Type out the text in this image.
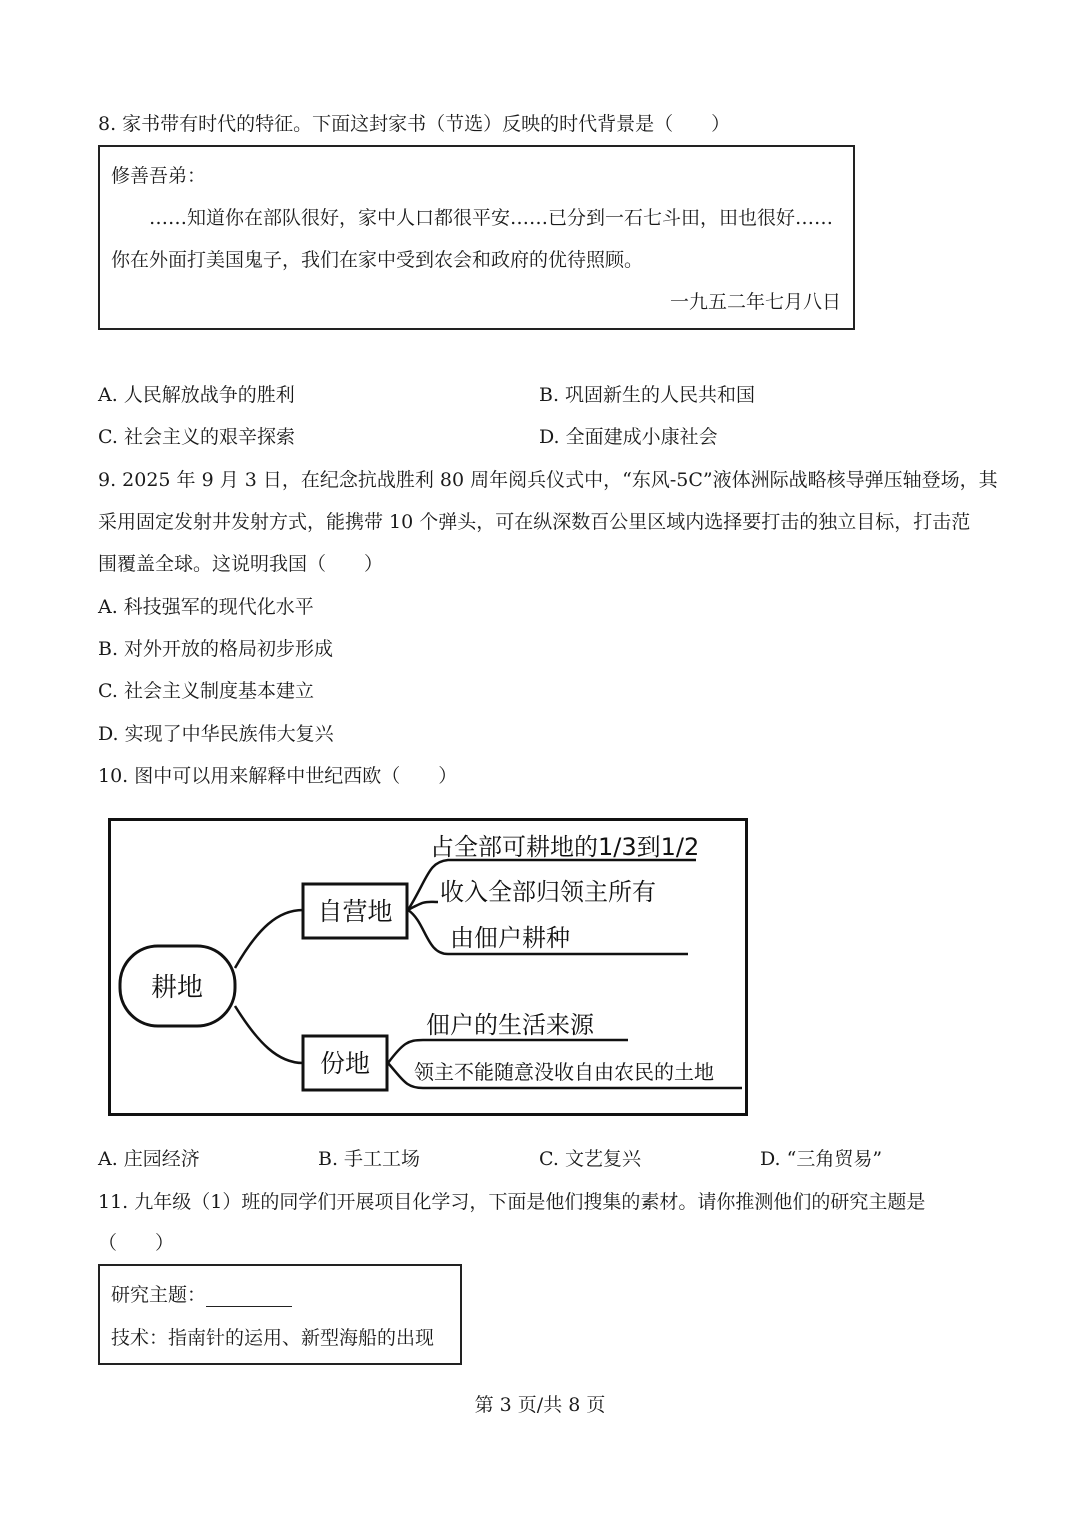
8. 家书带有时代的特征。下面这封家书（节选）反映的时代背景是（　　）
修善吾弟：
……知道你在部队很好，家中人口都很平安……已分到一石七斗田，田也很好……
你在外面打美国鬼子，我们在家中受到农会和政府的优待照顾。
一九五二年七月八日
A. 人民解放战争的胜利	B. 巩固新生的人民共和国
C. 社会主义的艰辛探索	D. 全面建成小康社会
9. 2025 年 9 月 3 日，在纪念抗战胜利 80 周年阅兵仪式中，“东风-5C”液体洲际战略核导弹压轴登场，其
采用固定发射井发射方式，能携带 10 个弹头，可在纵深数百公里区域内选择要打击的独立目标，打击范
围覆盖全球。这说明我国（　　）
A. 科技强军的现代化水平
B. 对外开放的格局初步形成
C. 社会主义制度基本建立
D. 实现了中华民族伟大复兴
10. 图中可以用来解释中世纪西欧（　　）
耕地
自营地
占全部可耕地的1/3到1/2
收入全部归领主所有
由佃户耕种
份地
佃户的生活来源
领主不能随意没收自由农民的土地
A. 庄园经济	B. 手工工场	C. 文艺复兴	D. “三角贸易”
11. 九年级（1）班的同学们开展项目化学习，下面是他们搜集的素材。请你推测他们的研究主题是
（　　）
研究主题：
技术：指南针的运用、新型海船的出现
第 3 页/共 8 页
